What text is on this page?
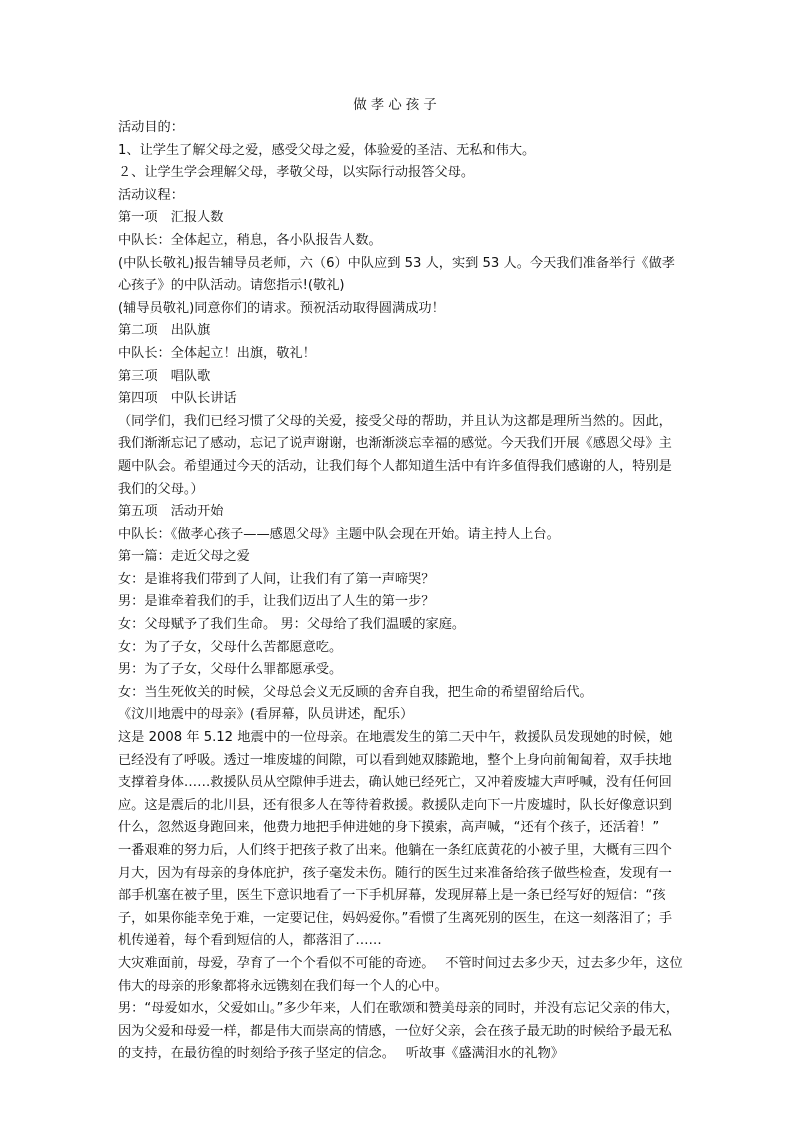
做孝心孩子

活动目的：

1、让学生了解父母之爱，感受父母之爱，体验爱的圣洁、无私和伟大。

２、让学生学会理解父母，孝敬父母，以实际行动报答父母。

活动议程：

第一项　汇报人数

中队长：全体起立，稍息，各小队报告人数。

(中队长敬礼)报告辅导员老师，六（6）中队应到 53 人，实到 53 人。今天我们准备举行《做孝心孩子》的中队活动。请您指示!(敬礼)

(辅导员敬礼)同意你们的请求。预祝活动取得圆满成功！

第二项　出队旗

中队长：全体起立！出旗，敬礼！

第三项　唱队歌

第四项　中队长讲话

（同学们，我们已经习惯了父母的关爱，接受父母的帮助，并且认为这都是理所当然的。因此，我们渐渐忘记了感动，忘记了说声谢谢，也渐渐淡忘幸福的感觉。今天我们开展《感恩父母》主题中队会。希望通过今天的活动，让我们每个人都知道生活中有许多值得我们感谢的人，特别是我们的父母。）

第五项　活动开始

中队长：《做孝心孩子——感恩父母》主题中队会现在开始。请主持人上台。

第一篇：走近父母之爱

女：是谁将我们带到了人间，让我们有了第一声啼哭？

男：是谁牵着我们的手，让我们迈出了人生的第一步？

女：父母赋予了我们生命。 男：父母给了我们温暖的家庭。

女：为了子女，父母什么苦都愿意吃。

男：为了子女，父母什么罪都愿承受。

女：当生死攸关的时候，父母总会义无反顾的舍弃自我，把生命的希望留给后代。

《汶川地震中的母亲》(看屏幕，队员讲述，配乐）

这是 2008 年 5.12 地震中的一位母亲。在地震发生的第二天中午，救援队员发现她的时候，她已经没有了呼吸。透过一堆废墟的间隙，可以看到她双膝跪地，整个上身向前匍匐着，双手扶地支撑着身体……救援队员从空隙伸手进去，确认她已经死亡，又冲着废墟大声呼喊，没有任何回应。这是震后的北川县，还有很多人在等待着救援。救援队走向下一片废墟时，队长好像意识到什么，忽然返身跑回来，他费力地把手伸进她的身下摸索，高声喊，“还有个孩子，还活着！”　 一番艰难的努力后，人们终于把孩子救了出来。他躺在一条红底黄花的小被子里，大概有三四个月大，因为有母亲的身体庇护，孩子毫发未伤。随行的医生过来准备给孩子做些检查，发现有一部手机塞在被子里，医生下意识地看了一下手机屏幕，发现屏幕上是一条已经写好的短信：“孩子，如果你能幸免于难，一定要记住，妈妈爱你。”看惯了生离死别的医生，在这一刻落泪了；手机传递着，每个看到短信的人，都落泪了……

大灾难面前，母爱，孕育了一个个看似不可能的奇迹。　 不管时间过去多少天，过去多少年，这位伟大的母亲的形象都将永远镌刻在我们每一个人的心中。

男：“母爱如水，父爱如山。”多少年来，人们在歌颂和赞美母亲的同时，并没有忘记父亲的伟大，因为父爱和母爱一样，都是伟大而崇高的情感，一位好父亲，会在孩子最无助的时候给予最无私的支持，在最彷徨的时刻给予孩子坚定的信念。　 听故事《盛满泪水的礼物》
